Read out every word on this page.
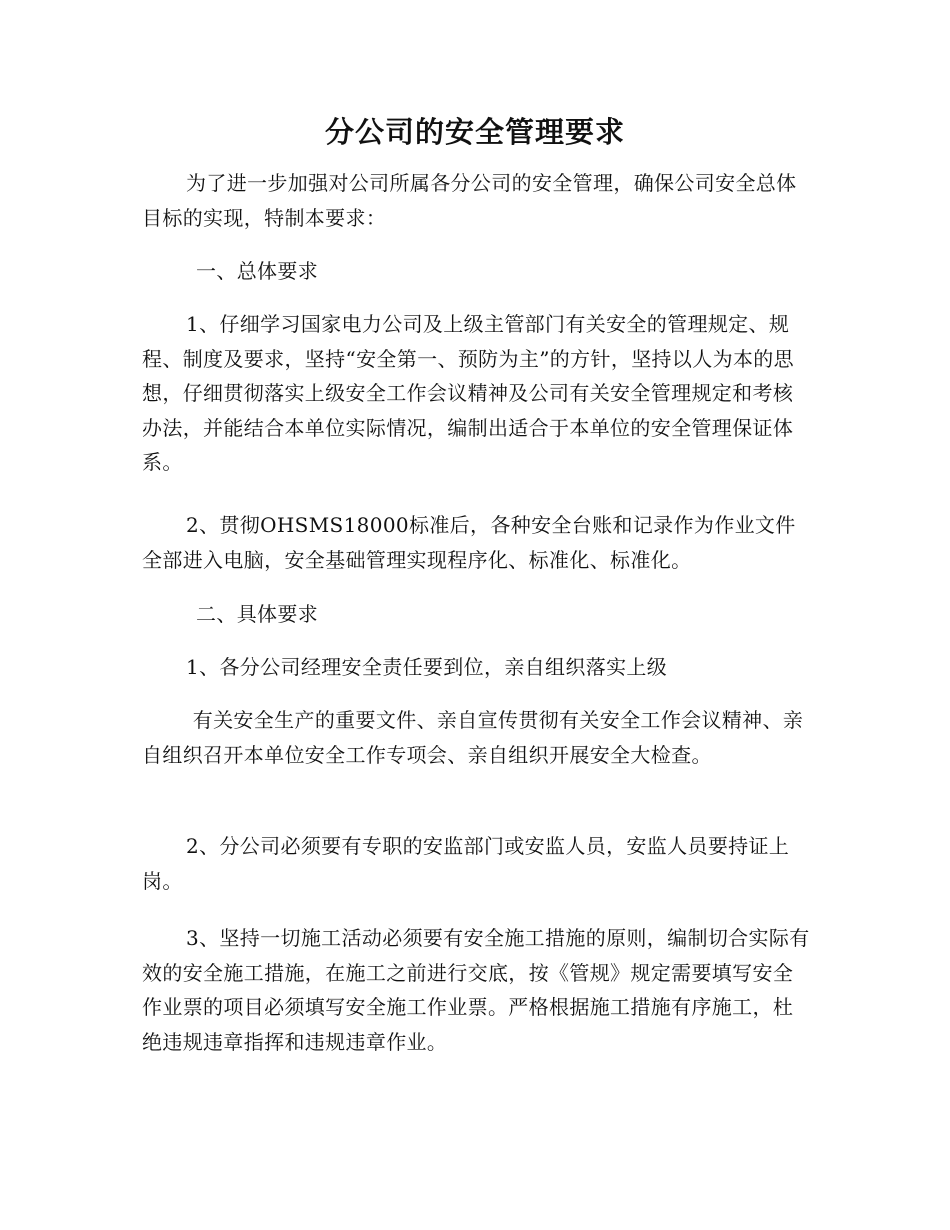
分公司的安全管理要求
为了进一步加强对公司所属各分公司的安全管理，确保公司安全总体目标的实现，特制本要求：
一、总体要求
1、仔细学习国家电力公司及上级主管部门有关安全的管理规定、规程、制度及要求，坚持“安全第一、预防为主”的方针，坚持以人为本的思想，仔细贯彻落实上级安全工作会议精神及公司有关安全管理规定和考核办法，并能结合本单位实际情况，编制出适合于本单位的安全管理保证体系。
2、贯彻OHSMS18000标准后，各种安全台账和记录作为作业文件全部进入电脑，安全基础管理实现程序化、标准化、标准化。
二、具体要求
1、各分公司经理安全责任要到位，亲自组织落实上级
有关安全生产的重要文件、亲自宣传贯彻有关安全工作会议精神、亲自组织召开本单位安全工作专项会、亲自组织开展安全大检查。
2、分公司必须要有专职的安监部门或安监人员，安监人员要持证上岗。
3、坚持一切施工活动必须要有安全施工措施的原则，编制切合实际有效的安全施工措施，在施工之前进行交底，按《管规》规定需要填写安全作业票的项目必须填写安全施工作业票。严格根据施工措施有序施工，杜绝违规违章指挥和违规违章作业。
